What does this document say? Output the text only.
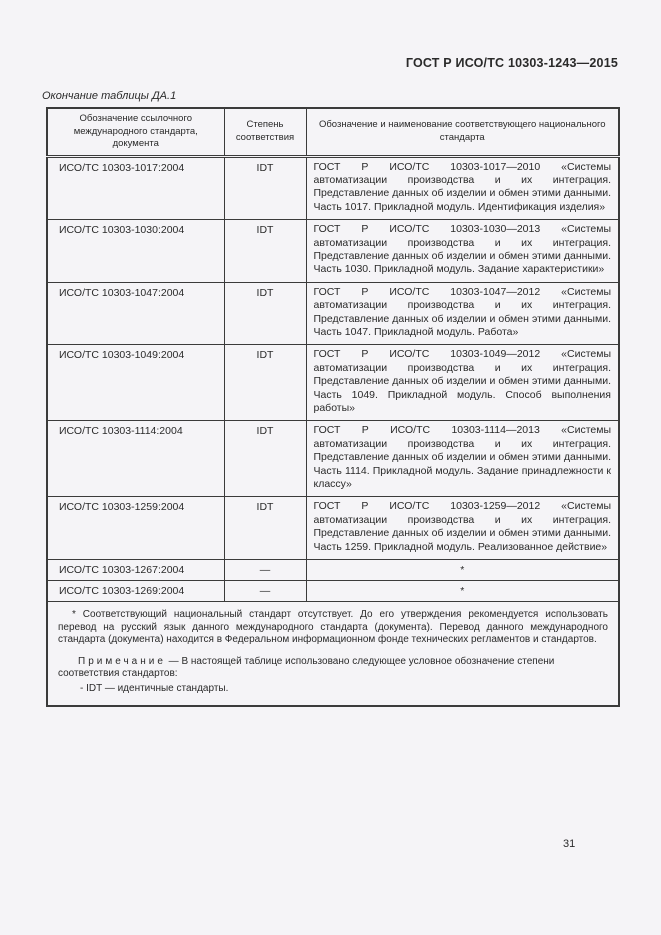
ГОСТ Р ИСО/ТС 10303-1243—2015
Окончание таблицы ДА.1
Обозначение ссылочного международного стандарта, документа	Степень соответствия	Обозначение и наименование соответствующего национального стандарта
ИСО/ТС 10303-1017:2004	IDT	ГОСТ Р ИСО/ТС 10303-1017—2010 «Системы автоматизации производства и их интеграция. Представление данных об изделии и обмен этими данными. Часть 1017. Прикладной модуль. Идентификация изделия»
ИСО/ТС 10303-1030:2004	IDT	ГОСТ Р ИСО/ТС 10303-1030—2013 «Системы автоматизации производства и их интеграция. Представление данных об изделии и обмен этими данными. Часть 1030. Прикладной модуль. Задание характеристики»
ИСО/ТС 10303-1047:2004	IDT	ГОСТ Р ИСО/ТС 10303-1047—2012 «Системы автоматизации производства и их интеграция. Представление данных об изделии и обмен этими данными. Часть 1047. Прикладной модуль. Работа»
ИСО/ТС 10303-1049:2004	IDT	ГОСТ Р ИСО/ТС 10303-1049—2012 «Системы автоматизации производства и их интеграция. Представление данных об изделии и обмен этими данными. Часть 1049. Прикладной модуль. Способ выполнения работы»
ИСО/ТС 10303-1114:2004	IDT	ГОСТ Р ИСО/ТС 10303-1114—2013 «Системы автоматизации производства и их интеграция. Представление данных об изделии и обмен этими данными. Часть 1114. Прикладной модуль. Задание принадлежности к классу»
ИСО/ТС 10303-1259:2004	IDT	ГОСТ Р ИСО/ТС 10303-1259—2012 «Системы автоматизации производства и их интеграция. Представление данных об изделии и обмен этими данными. Часть 1259. Прикладной модуль. Реализованное действие»
ИСО/ТС 10303-1267:2004	—	*
ИСО/ТС 10303-1269:2004	—	*

* Соответствующий национальный стандарт отсутствует. До его утверждения рекомендуется использовать перевод на русский язык данного международного стандарта (документа). Перевод данного международного стандарта (документа) находится в Федеральном информационном фонде технических регламентов и стандартов.

Примечание — В настоящей таблице использовано следующее условное обозначение степени соответствия стандартов:

- IDT — идентичные стандарты.		

31
